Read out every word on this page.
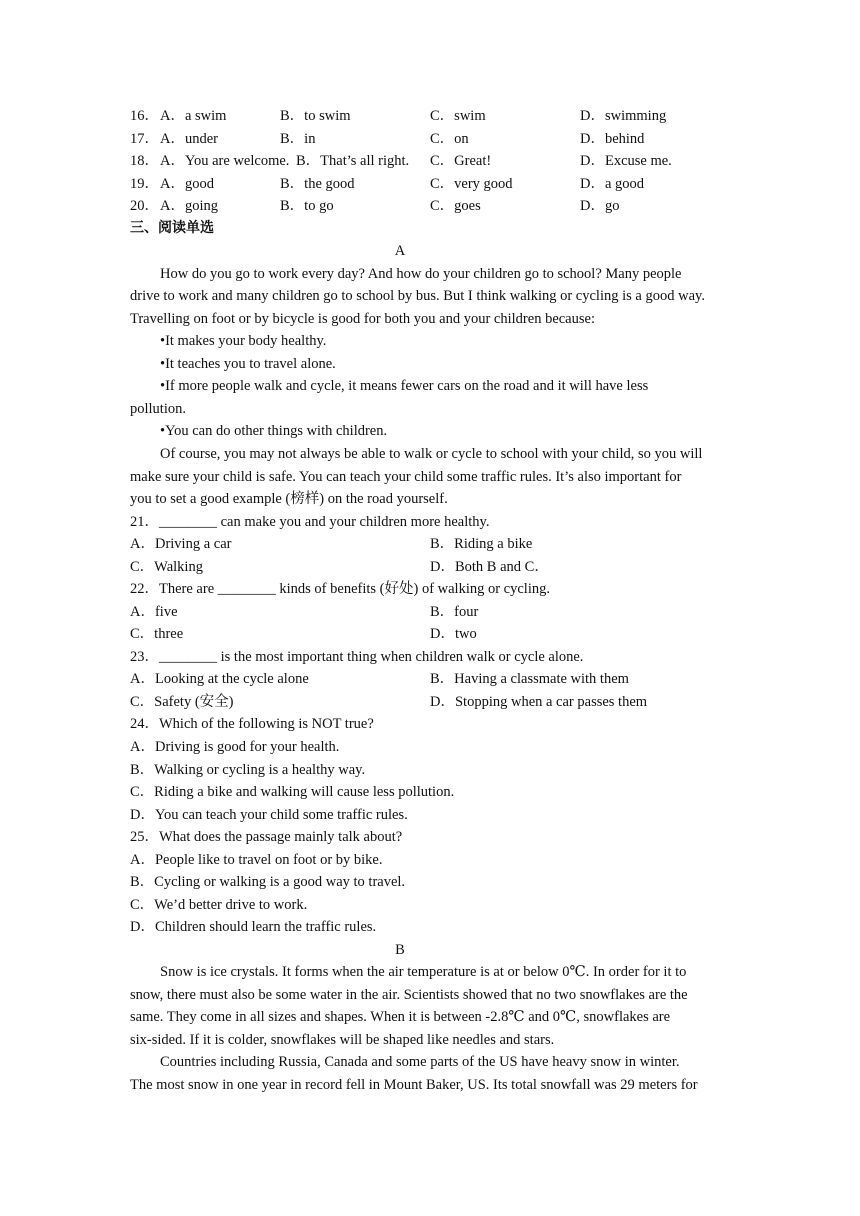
16． A．a swim	B．to swim	C．swim	D．swimming
17． A．under	B．in	C．on	D．behind
18． A．You are welcome. B．That’s all right. C．Great!	D．Excuse me.
19． A．good	B．the good	C．very good	D．a good
20． A．going	B．to go	C．goes	D．go
三、阅读单选
A
How do you go to work every day? And how do your children go to school? Many people
drive to work and many children go to school by bus. But I think walking or cycling is a good way.
Travelling on foot or by bicycle is good for both you and your children because:
•It makes your body healthy.
•It teaches you to travel alone.
•If more people walk and cycle, it means fewer cars on the road and it will have less
pollution.
•You can do other things with children.
Of course, you may not always be able to walk or cycle to school with your child, so you will
make sure your child is safe. You can teach your child some traffic rules. It’s also important for
you to set a good example (榜样) on the road yourself.
21．________ can make you and your children more healthy.
A．Driving a car	B．Riding a bike
C．Walking	D．Both B and C．
22．There are ________ kinds of benefits (好处) of walking or cycling.
A．five	B．four
C．three	D．two
23．________ is the most important thing when children walk or cycle alone.
A．Looking at the cycle alone	B．Having a classmate with them
C．Safety (安全)	D．Stopping when a car passes them
24．Which of the following is NOT true?
A．Driving is good for your health.
B．Walking or cycling is a healthy way.
C．Riding a bike and walking will cause less pollution.
D．You can teach your child some traffic rules.
25．What does the passage mainly talk about?
A．People like to travel on foot or by bike.
B．Cycling or walking is a good way to travel.
C．We’d better drive to work.
D．Children should learn the traffic rules.
B
Snow is ice crystals. It forms when the air temperature is at or below 0℃. In order for it to
snow, there must also be some water in the air. Scientists showed that no two snowflakes are the
same. They come in all sizes and shapes. When it is between -2.8℃ and 0℃, snowflakes are
six-sided. If it is colder, snowflakes will be shaped like needles and stars.
Countries including Russia, Canada and some parts of the US have heavy snow in winter.
The most snow in one year in record fell in Mount Baker, US. Its total snowfall was 29 meters for
